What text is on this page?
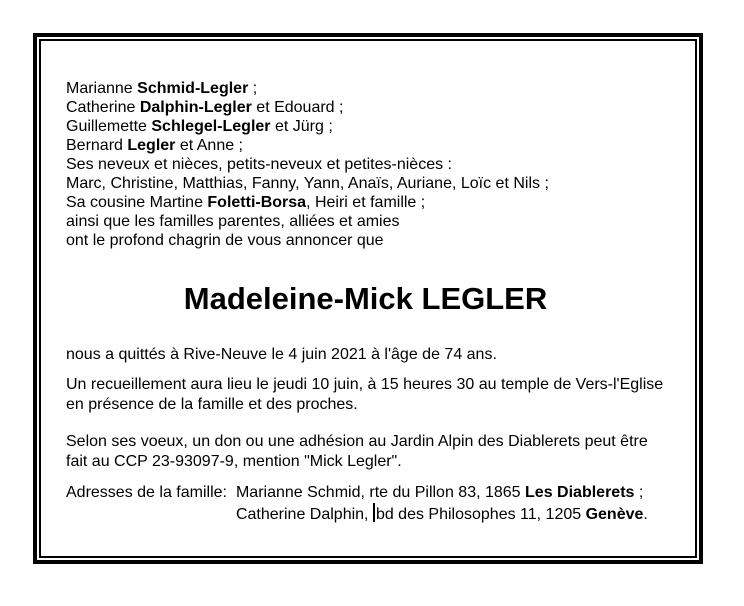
Marianne Schmid-Legler ;
Catherine Dalphin-Legler et Edouard ;
Guillemette Schlegel-Legler et Jürg ;
Bernard Legler et Anne ;
Ses neveux et nièces, petits-neveux et petites-nièces :
Marc, Christine, Matthias, Fanny, Yann, Anaïs, Auriane, Loïc et Nils ;
Sa cousine Martine Foletti-Borsa, Heiri et famille ;
ainsi que les familles parentes, alliées et amies
ont le profond chagrin de vous annoncer que
Madeleine-Mick LEGLER
nous a quittés à Rive-Neuve le 4 juin 2021 à l'âge de 74 ans.
Un recueillement aura lieu le jeudi 10 juin, à 15 heures 30 au temple de Vers-l'Eglise
en présence de la famille et des proches.
Selon ses voeux, un don ou une adhésion au Jardin Alpin des Diablerets peut être
fait au CCP 23-93097-9, mention "Mick Legler".
Adresses de la famille: Marianne Schmid, rte du Pillon 83, 1865 Les Diablerets ;
Catherine Dalphin, bd des Philosophes 11, 1205 Genève.
